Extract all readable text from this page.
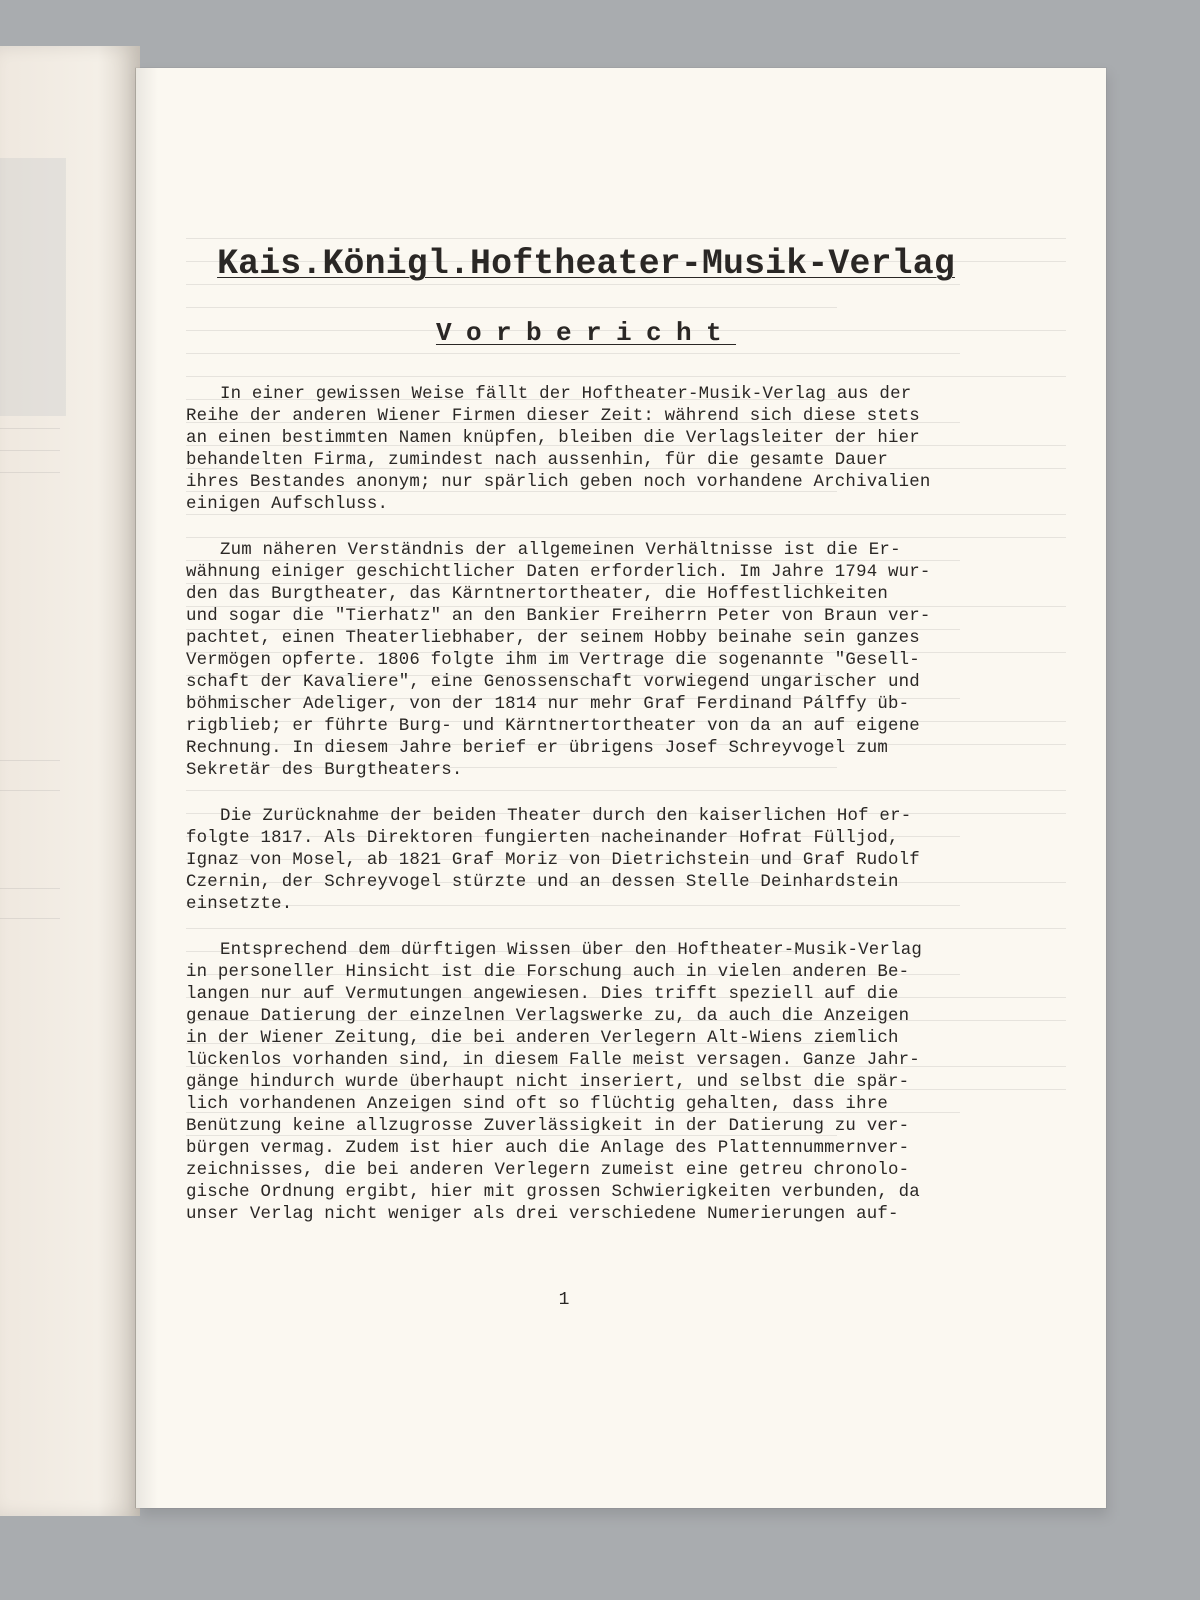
Kais.Königl.Hoftheater-Musik-Verlag
Vorbericht
In einer gewissen Weise fällt der Hoftheater-Musik-Verlag aus der
Reihe der anderen Wiener Firmen dieser Zeit: während sich diese stets
an einen bestimmten Namen knüpfen, bleiben die Verlagsleiter der hier
behandelten Firma, zumindest nach aussenhin, für die gesamte Dauer
ihres Bestandes anonym; nur spärlich geben noch vorhandene Archivalien
einigen Aufschluss.
Zum näheren Verständnis der allgemeinen Verhältnisse ist die Er-
wähnung einiger geschichtlicher Daten erforderlich. Im Jahre 1794 wur-
den das Burgtheater, das Kärntnertortheater, die Hoffestlichkeiten
und sogar die "Tierhatz" an den Bankier Freiherrn Peter von Braun ver-
pachtet, einen Theaterliebhaber, der seinem Hobby beinahe sein ganzes
Vermögen opferte. 1806 folgte ihm im Vertrage die sogenannte "Gesell-
schaft der Kavaliere", eine Genossenschaft vorwiegend ungarischer und
böhmischer Adeliger, von der 1814 nur mehr Graf Ferdinand Pálffy üb-
rigblieb; er führte Burg- und Kärntnertortheater von da an auf eigene
Rechnung. In diesem Jahre berief er übrigens Josef Schreyvogel zum
Sekretär des Burgtheaters.
Die Zurücknahme der beiden Theater durch den kaiserlichen Hof er-
folgte 1817. Als Direktoren fungierten nacheinander Hofrat Fülljod,
Ignaz von Mosel, ab 1821 Graf Moriz von Dietrichstein und Graf Rudolf
Czernin, der Schreyvogel stürzte und an dessen Stelle Deinhardstein
einsetzte.
Entsprechend dem dürftigen Wissen über den Hoftheater-Musik-Verlag
in personeller Hinsicht ist die Forschung auch in vielen anderen Be-
langen nur auf Vermutungen angewiesen. Dies trifft speziell auf die
genaue Datierung der einzelnen Verlagswerke zu, da auch die Anzeigen
in der Wiener Zeitung, die bei anderen Verlegern Alt-Wiens ziemlich
lückenlos vorhanden sind, in diesem Falle meist versagen. Ganze Jahr-
gänge hindurch wurde überhaupt nicht inseriert, und selbst die spär-
lich vorhandenen Anzeigen sind oft so flüchtig gehalten, dass ihre
Benützung keine allzugrosse Zuverlässigkeit in der Datierung zu ver-
bürgen vermag. Zudem ist hier auch die Anlage des Plattennummernver-
zeichnisses, die bei anderen Verlegern zumeist eine getreu chronolo-
gische Ordnung ergibt, hier mit grossen Schwierigkeiten verbunden, da
unser Verlag nicht weniger als drei verschiedene Numerierungen auf-
1
